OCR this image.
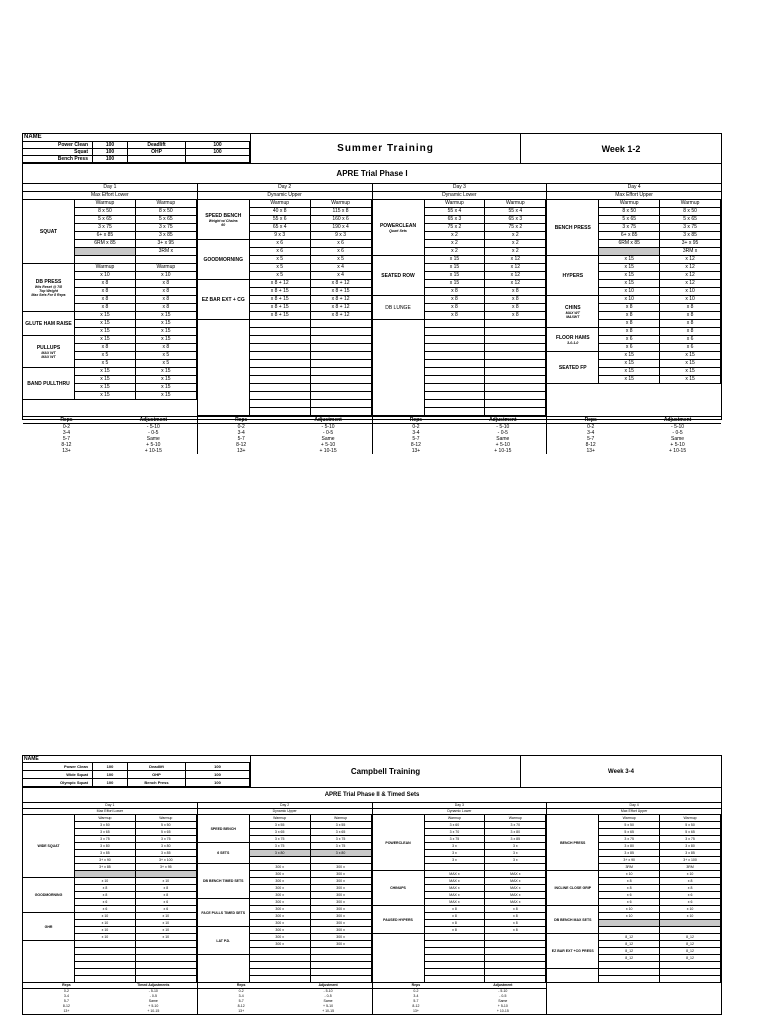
NAME
Power Clean	100	Deadlift	100
Squat	100	OHP	100
Bench Press	100
Summer Training	Week 1-2
APRE Trial Phase I
Day 1
Max Effort Lower
SQUAT
Warmup	Warmup
8 x 50	8 x 50
5 x 65	5 x 65
3 x 75	3 x 75
6+ x 85	3 x 85
6RM x 85	3+ x 95
3RM x
DB PRESS
Wts Reset @ 7/8
Top Weight
Max Sets For 8 Reps
Warmup	Warmup
x 10	x 10
x 8	x 8
x 8	x 8
x 8	x 8
x 8	x 8
GLUTE HAM RAISE
x 15	x 15
x 15	x 15
x 15	x 15
PULLUPS
MAX WT
MAX WT
x 15	x 15
x 8	x 8
x 5	x 5
x 5	x 5
BAND PULLTHRU
x 15	x 15
x 15	x 15
x 15	x 15
x 15	x 15
Day 2
Dynamic Upper
SPEED BENCH
Weight w/ Chains
60
Warmup	Warmup
40 x 8	115 x 8
55 x 6	160 x 6
65 x 4	190 x 4
9 x 3	9 x 3
GOODMORNING
x 6	x 6
x 6	x 6
x 5	x 5
x 5	x 4
x 5	x 4
EZ BAR EXT + CG
x 8 + 12	x 8 + 12
x 8 + 15	x 8 + 15
x 8 + 15	x 8 + 12
x 8 + 15	x 8 + 12
x 8 + 15	x 8 + 12
Day 3
Dynamic Lower
POWERCLEAN
Quart Sets
Warmup	Warmup
55 x 4	55 x 4
65 x 3	65 x 3
75 x 2	75 x 2
x 2	x 2
x 2	x 2
x 2	x 2
SEATED ROW
x 15	x 12
x 15	x 12
x 15	x 12
x 15	x 12
x 8	x 8
DB LUNGE
x 8	x 8
x 8	x 8
x 8	x 8
Day 4
Max Effort Upper
BENCH PRESS
Warmup	Warmup
8 x 50	8 x 50
5 x 65	5 x 65
3 x 75	3 x 75
6+ x 85	3 x 85
6RM x 85	3+ x 95
3RM x
HYPERS
x 15	x 12
x 15	x 12
x 15	x 12
x 15	x 12
x 10	x 10
CHINS
MAX WT
MAXWT
x 10	x 10
x 8	x 8
x 8	x 8
x 8	x 8
FLOOR HAMS
3-0-1-0
x 8	x 8
x 6	x 6
x 6	x 6
SEATED FP
x 15	x 15
x 15	x 15
x 15	x 15
x 15	x 15
Reps	Adjustment
0-2	- 5-10
3-4	- 0-5
5-7	Same
8-12	+ 5-10
13+	+ 10-15
Reps	Adjustment
0-2	- 5-10
3-4	- 0-5
5-7	Same
8-12	+ 5-10
13+	+ 10-15
Reps	Adjustment
0-2	- 5-10
3-4	- 0-5
5-7	Same
8-12	+ 5-10
13+	+ 10-15
Reps	Adjustment
0-2	- 5-10
3-4	- 0-5
5-7	Same
8-12	+ 5-10
13+	+ 10-15
NAME
Power Clean	100	Deadlift	100
Wide Squat	100	OHP	100
Olympic Squat	100	Bench Press	100
Campbell Training	Week 3-4
APRE Trial Phase II & Timed Sets
Day 1
Max Effort Lower
WIDE SQUAT
Warmup	Warmup
3 x 50	5 x 50
3 x 65	5 x 65
3 x 75	3 x 75
3 x 80	3 x 80
3 x 85	3 x 85
3+ x 90	3+ x 100
3+ x 85	3+ x 95
GOODMORNING
x 10	x 10
x 8	x 8
x 8	x 8
x 6	x 6
x 6	x 6
GHR
x 10	x 10
x 10	x 10
x 10	x 10
x 10	x 10
Day 2
Dynamic Upper
SPEED BENCH
Warmup	Warmup
3 x 55	3 x 55
3 x 65	3 x 65
3 x 75	3 x 75
6 SETS
3 x 75	3 x 75
3 x 80	3 x 80
DB BENCH TIMED SETS
300 x	300 x
300 x	300 x
300 x	300 x
300 x	300 x
300 x	300 x
FACE PULLS TIMED SETS
300 x	300 x
300 x	300 x
300 x	300 x
300 x	300 x
LAT P.D.
300 x	300 x
300 x	300 x
300 x	300 x
Day 3
Dynamic Lower
POWERCLEAN
Warmup	Warmup
3 x 60	3 x 70
3 x 70	3 x 80
3 x 75	3 x 85
3 x	3 x
3 x	3 x
3 x	3 x
CHINUPS
MAX x	MAX x
MAX x	MAX x
MAX x	MAX x
MAX x	MAX x
MAX x	MAX x
PAUSED HYPERS
x 8	x 8
x 8	x 8
x 8	x 8
x 8	x 8
Day 4
Max Effort Upper
BENCH PRESS
Warmup	Warmup
5 x 50	5 x 50
5 x 65	5 x 65
3 x 75	3 x 75
3 x 80	3 x 80
3 x 85	3 x 85
3+ x 90	3+ x 100
3RM	3RM
INCLINE CLOSE GRIP
x 10	x 10
x 8	x 8
x 8	x 8
x 6	x 6
x 6	x 6
DB BENCH MAX SETS
x 10	x 10
x 10	x 10
EZ BAR EXT +CG PRESS
8_12	8_12
8_12	8_12
8_12	8_12
8_12	8_12
Reps	Timed Adjustments
0-2	- 5-10
3-4	- 0-5
5-7	Same
8-12	+ 5-10
13+	+ 10-15
Reps	Adjustment
0-2	- 5-10
3-4	- 0-5
5-7	Same
8-12	+ 5-10
13+	+ 10-15
Reps	Adjustment
0-2	- 5-10
3-4	- 0-5
5-7	Same
8-12	+ 5-10
13+	+ 10-15
